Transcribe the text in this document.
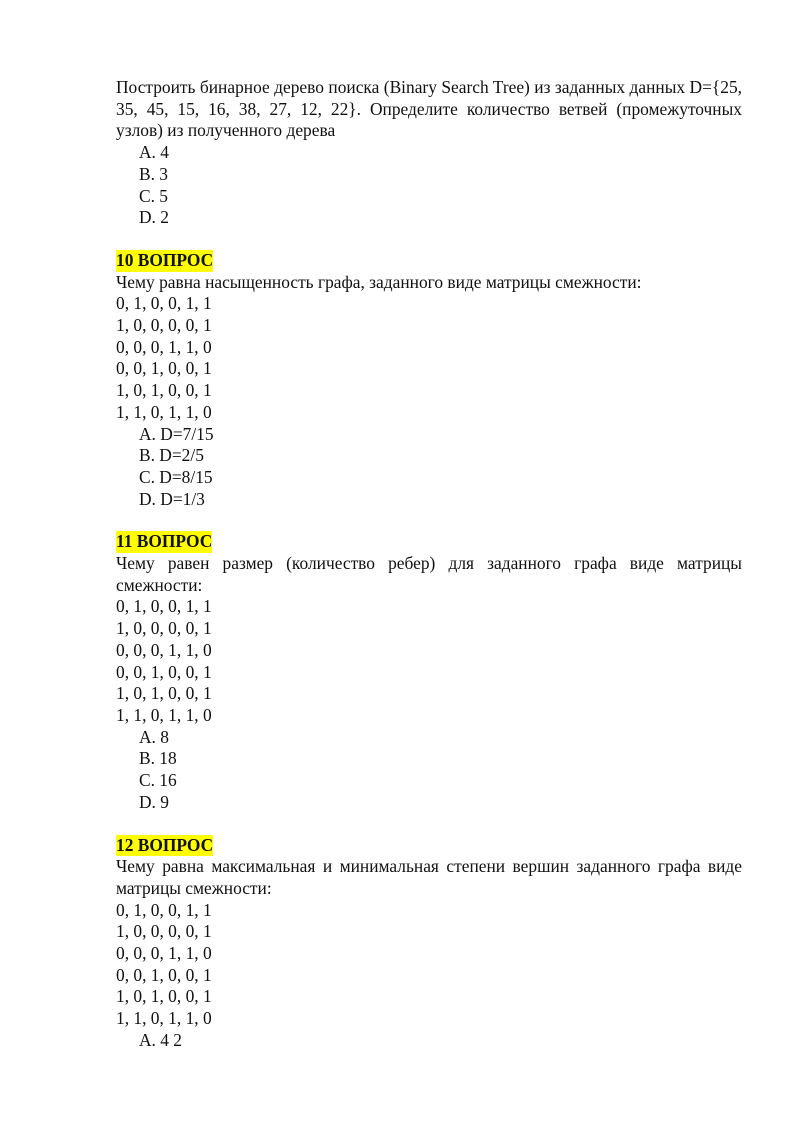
Построить бинарное дерево поиска (Binary Search Tree) из заданных данных D={25, 35, 45, 15, 16, 38, 27, 12, 22}. Определите количество ветвей (промежуточных узлов) из полученного дерева
A. 4
B. 3
C. 5
D. 2
10 ВОПРОС
Чему равна насыщенность графа, заданного виде матрицы смежности:
0, 1, 0, 0, 1, 1
1, 0, 0, 0, 0, 1
0, 0, 0, 1, 1, 0
0, 0, 1, 0, 0, 1
1, 0, 1, 0, 0, 1
1, 1, 0, 1, 1, 0
A. D=7/15
B. D=2/5
C. D=8/15
D. D=1/3
11 ВОПРОС
Чему равен размер (количество ребер) для заданного графа виде матрицы смежности:
0, 1, 0, 0, 1, 1
1, 0, 0, 0, 0, 1
0, 0, 0, 1, 1, 0
0, 0, 1, 0, 0, 1
1, 0, 1, 0, 0, 1
1, 1, 0, 1, 1, 0
A. 8
B. 18
C. 16
D. 9
12 ВОПРОС
Чему равна максимальная и минимальная степени вершин заданного графа виде матрицы смежности:
0, 1, 0, 0, 1, 1
1, 0, 0, 0, 0, 1
0, 0, 0, 1, 1, 0
0, 0, 1, 0, 0, 1
1, 0, 1, 0, 0, 1
1, 1, 0, 1, 1, 0
A. 4 2
